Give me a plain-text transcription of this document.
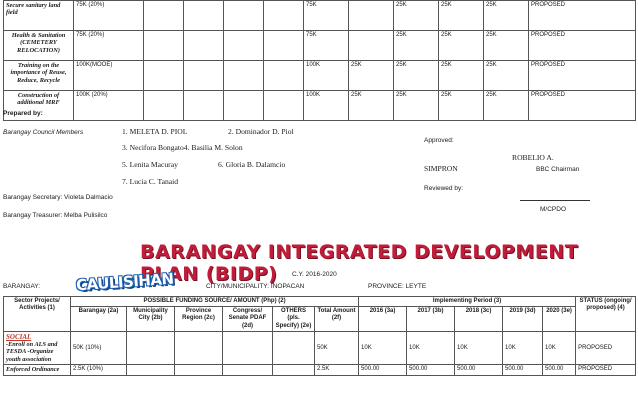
Secure sanitary land field	75K (20%)					75K		25K	25K	25K	PROPOSED
Health & Sanitation (CEMETERY RELOCATION)	75K (20%)					75K		25K	25K	25K	PROPOSED
Training on the importance of Reuse, Reduce, Recycle	100K(MOOE)					100K	25K	25K	25K	25K	PROPOSED
Construction of additional MRF	100K (20%)					100K	25K	25K	25K	25K	PROPOSED
Prepared by:
Barangay Council Members	1. MELETA D. PIOL	2. Dominador D. Piol
3. Necifora Bongato4. Basilia M. Solon
5. Lenita Macuray	6. Gloria B. Dalamcio
7. Lucia C. Tanaid
Approved:
ROBELIO A.
SIMPRON	BBC Chairman
Reviewed by:
M/CPDO
Barangay Secretary: Violeta Dalmacio
Barangay Treasurer: Melba Pulisilco
BARANGAY INTEGRATED DEVELOPMENT PLAN (BIDP)	C.Y. 2016-2020
BARANGAY: CAULISIHAN	CITY/MUNICIPALITY: INOPACAN	PROVINCE: LEYTE
Sector Projects/ Activities (1)	POSSIBLE FUNDING SOURCE/ AMOUNT (Php) (2)						Implementing Period (3)					STATUS (ongoing/ proposed) (4)
	Barangay (2a)	Municipality City (2b)	Province Region (2c)	Congress/ Senate PDAF (2d)	OTHERS (pls. Specify) (2e)	Total Amount (2f)	2016 (3a)	2017 (3b)	2018 (3c)	2019 (3d)	2020 (3e)	

SOCIAL
-Enroll on ALS and TESDA -Organize youth association	50K (10%)					50K	10K	10K	10K	10K	10K	PROPOSED
Enforced Ordinance	2.5K (10%)					2.5K	500.00	500.00	500.00	500.00	500.00	PROPOSED
